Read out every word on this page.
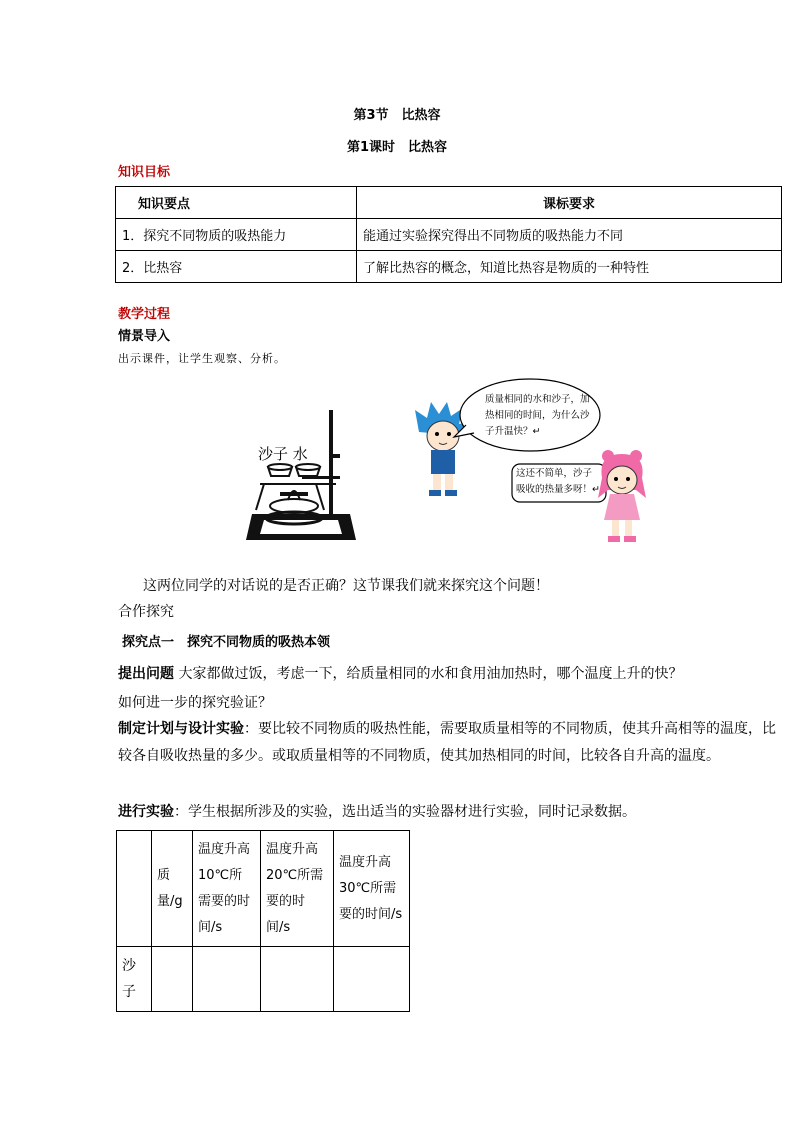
第3节　比热容
第1课时　比热容
知识目标
知识要点	课标要求
1．探究不同物质的吸热能力	能通过实验探究得出不同物质的吸热能力不同
2．比热容	了解比热容的概念，知道比热容是物质的一种特性
教学过程
情景导入
出示课件，让学生观察、分析。
沙子 水
质量相同的水和沙子，加热相同的时间，为什么沙子升温快？↵
这还不简单，沙子吸收的热量多呀！↵
这两位同学的对话说的是否正确？这节课我们就来探究这个问题！
合作探究
探究点一　探究不同物质的吸热本领
提出问题 大家都做过饭，考虑一下，给质量相同的水和食用油加热时，哪个温度上升的快？
如何进一步的探究验证？
制定计划与设计实验：要比较不同物质的吸热性能，需要取质量相等的不同物质，使其升高相等的温度，比较各自吸收热量的多少。或取质量相等的不同物质，使其加热相同的时间，比较各自升高的温度。
进行实验：学生根据所涉及的实验，选出适当的实验器材进行实验，同时记录数据。
	质量/g	温度升高10℃所需要的时间/s	温度升高20℃所需要的时间/s	温度升高30℃所需要的时间/s
沙子				
